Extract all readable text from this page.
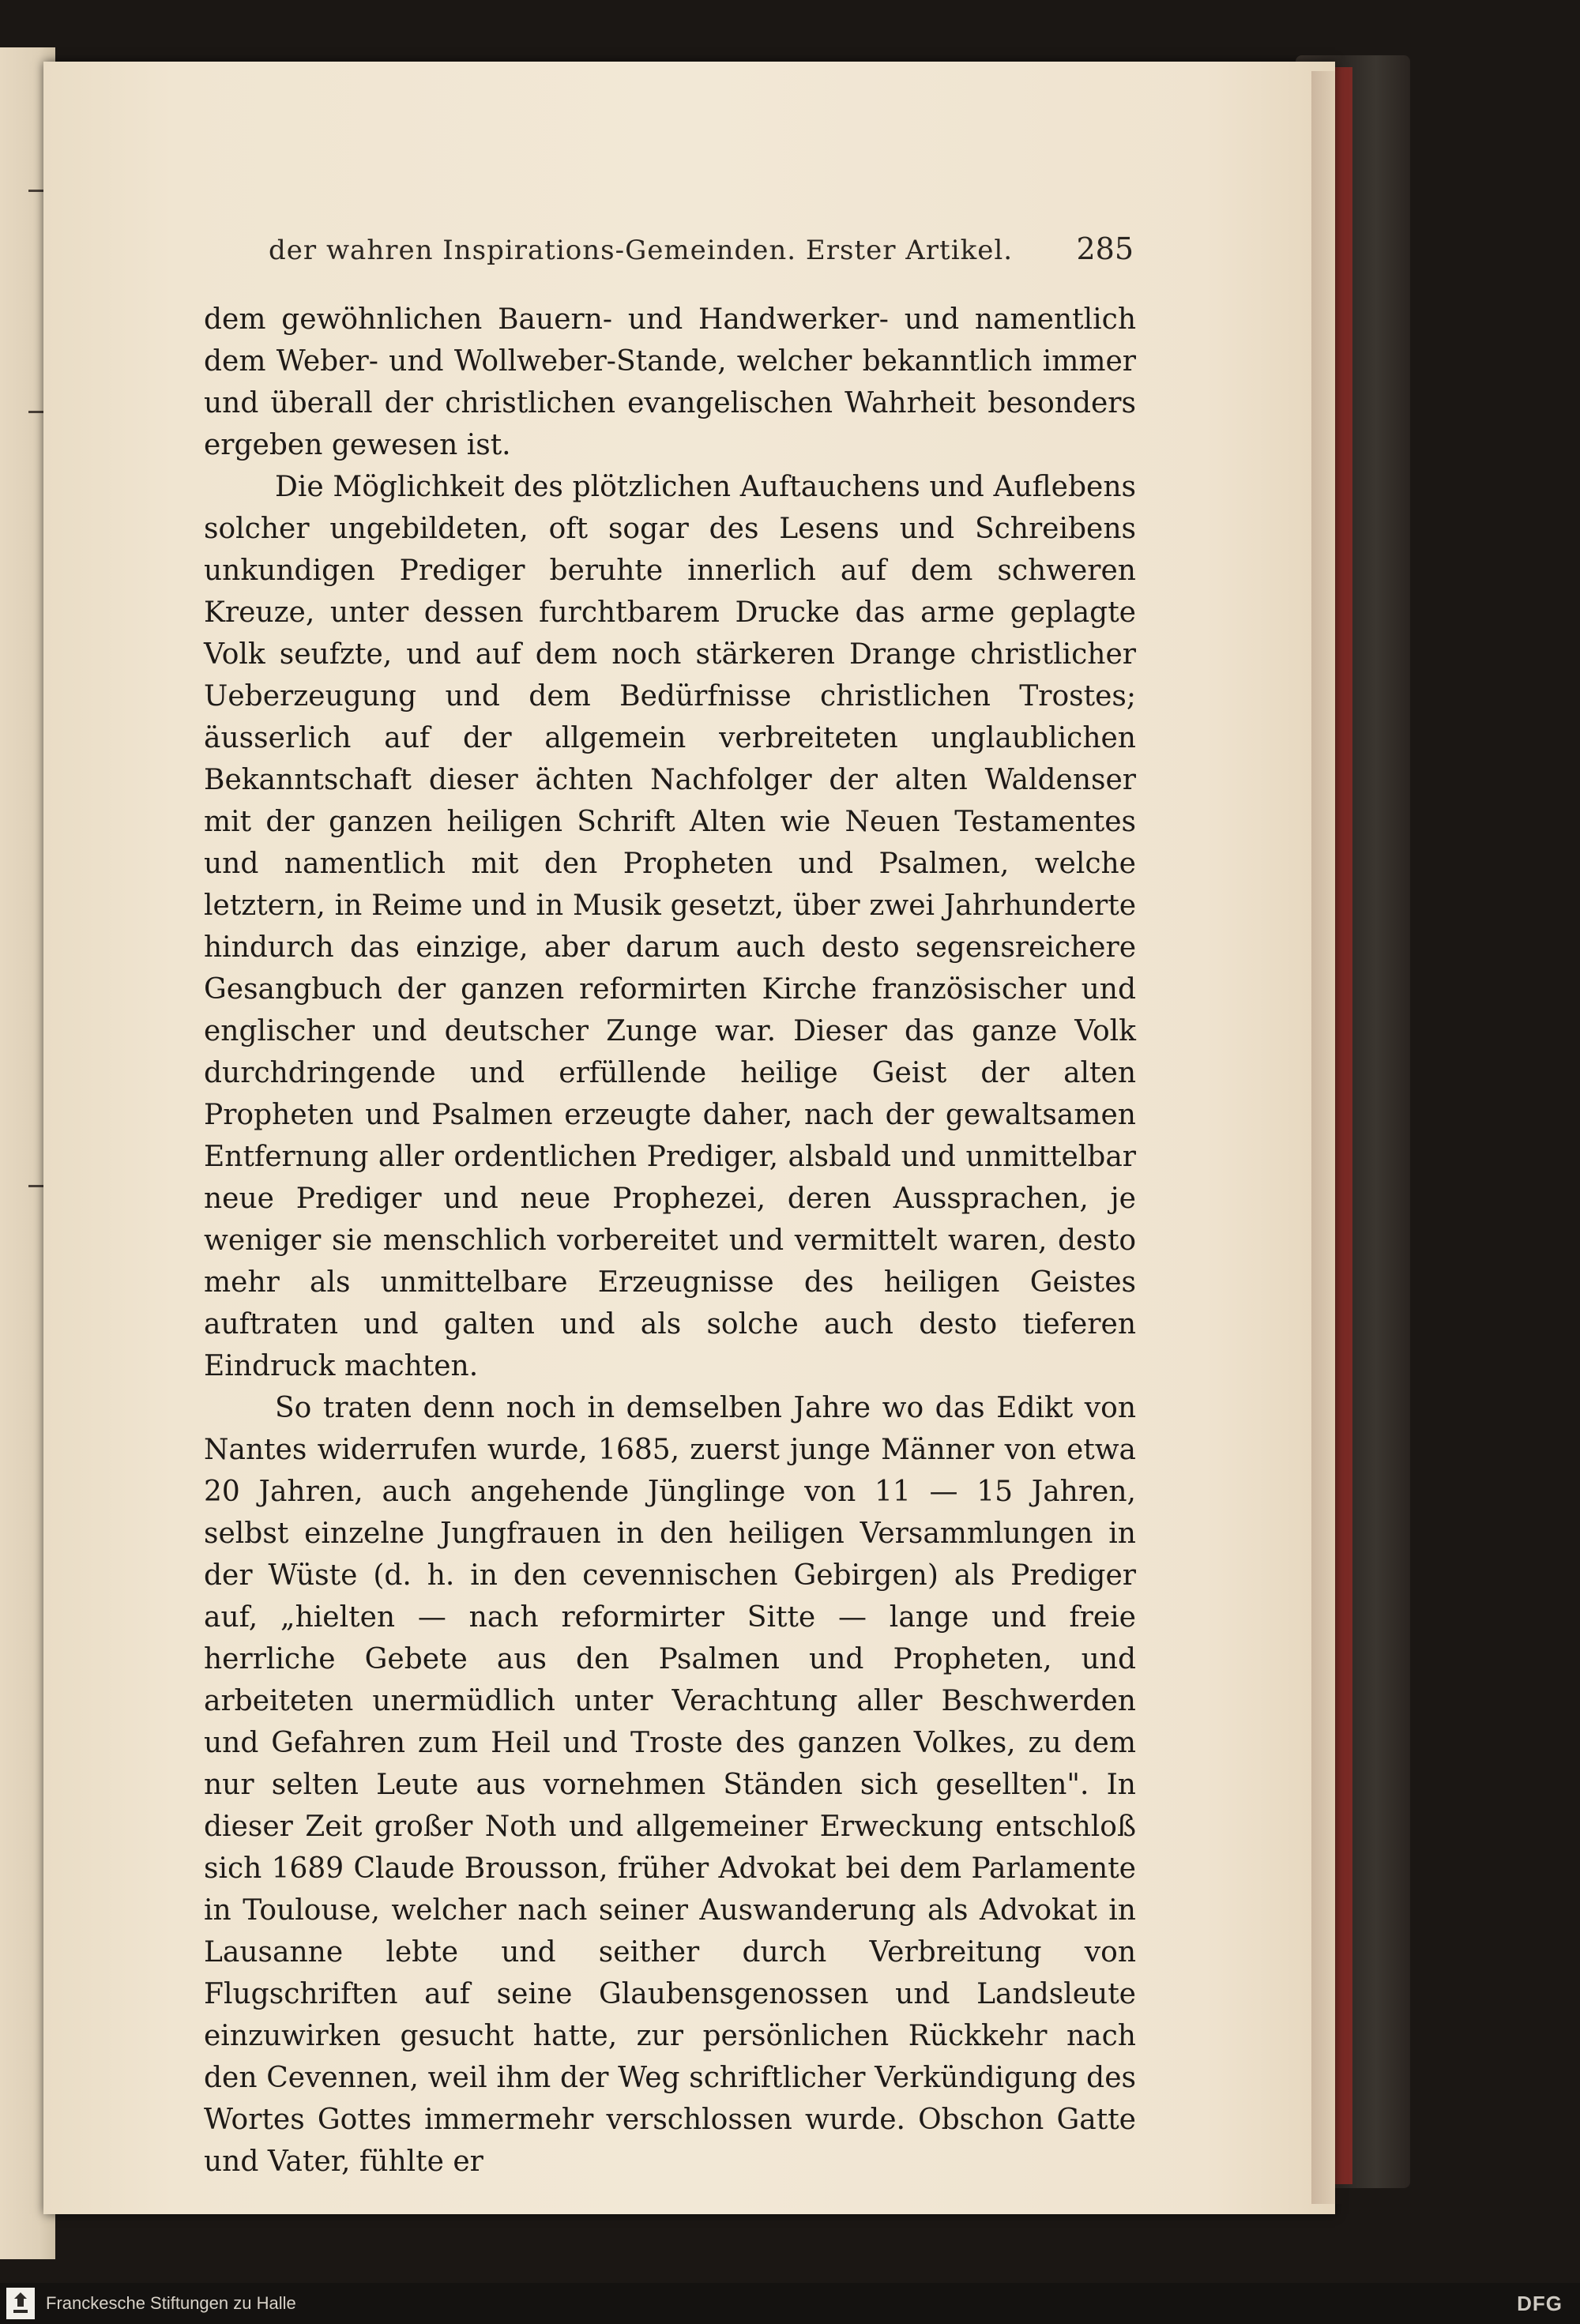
der wahren Inspirations-Gemeinden. Erster Artikel.	285

dem gewöhnlichen Bauern- und Handwerker- und namentlich dem Weber- und Wollweber-Stande, welcher bekanntlich immer und überall der christlichen evangelischen Wahrheit besonders ergeben gewesen ist.

Die Möglichkeit des plötzlichen Auftauchens und Auflebens solcher ungebildeten, oft sogar des Lesens und Schreibens unkundigen Prediger beruhte innerlich auf dem schweren Kreuze, unter dessen furchtbarem Drucke das arme geplagte Volk seufzte, und auf dem noch stärkeren Drange christlicher Ueberzeugung und dem Bedürfnisse christlichen Trostes; äusserlich auf der allgemein verbreiteten unglaublichen Bekanntschaft dieser ächten Nachfolger der alten Waldenser mit der ganzen heiligen Schrift Alten wie Neuen Testamentes und namentlich mit den Propheten und Psalmen, welche letztern, in Reime und in Musik gesetzt, über zwei Jahrhunderte hindurch das einzige, aber darum auch desto segensreichere Gesangbuch der ganzen reformirten Kirche französischer und englischer und deutscher Zunge war. Dieser das ganze Volk durchdringende und erfüllende heilige Geist der alten Propheten und Psalmen erzeugte daher, nach der gewaltsamen Entfernung aller ordentlichen Prediger, alsbald und unmittelbar neue Prediger und neue Prophezei, deren Aussprachen, je weniger sie menschlich vorbereitet und vermittelt waren, desto mehr als unmittelbare Erzeugnisse des heiligen Geistes auftraten und galten und als solche auch desto tieferen Eindruck machten.

So traten denn noch in demselben Jahre wo das Edikt von Nantes widerrufen wurde, 1685, zuerst junge Männer von etwa 20 Jahren, auch angehende Jünglinge von 11 — 15 Jahren, selbst einzelne Jungfrauen in den heiligen Versammlungen in der Wüste (d. h. in den cevennischen Gebirgen) als Prediger auf, „hielten — nach reformirter Sitte — lange und freie herrliche Gebete aus den Psalmen und Propheten, und arbeiteten unermüdlich unter Verachtung aller Beschwerden und Gefahren zum Heil und Troste des ganzen Volkes, zu dem nur selten Leute aus vornehmen Ständen sich gesellten". In dieser Zeit großer Noth und allgemeiner Erweckung entschloß sich 1689 Claude Brousson, früher Advokat bei dem Parlamente in Toulouse, welcher nach seiner Auswanderung als Advokat in Lausanne lebte und seither durch Verbreitung von Flugschriften auf seine Glaubensgenossen und Landsleute einzuwirken gesucht hatte, zur persönlichen Rückkehr nach den Cevennen, weil ihm der Weg schriftlicher Verkündigung des Wortes Gottes immermehr verschlossen wurde. Obschon Gatte und Vater, fühlte er

Franckesche Stiftungen zu Halle	DFG
